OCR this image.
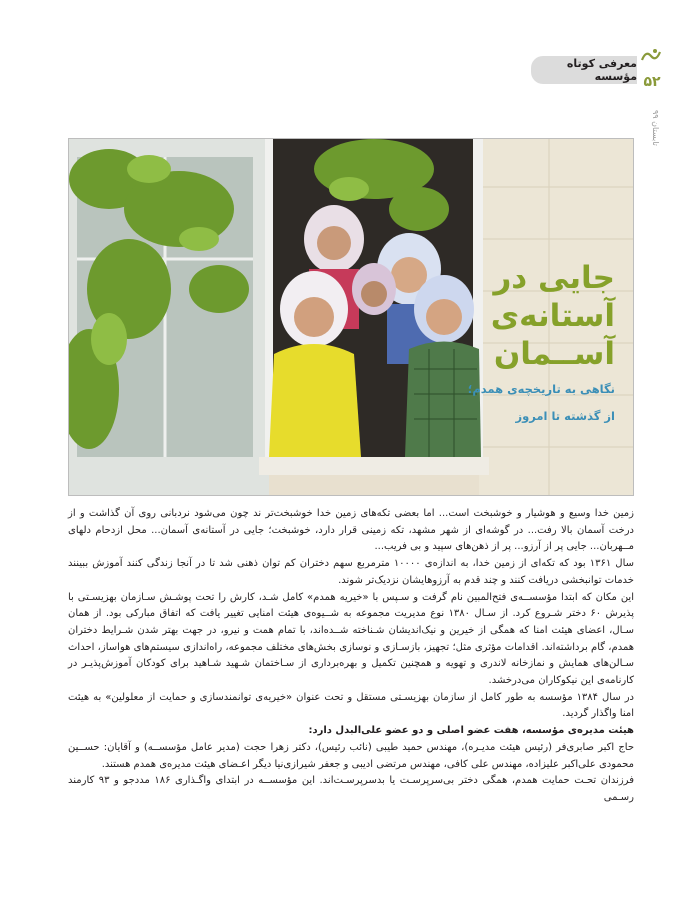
معرفی کوتاه مؤسسه ۵۲
تابستان ۹۹
جایی در
آستانه‌ی
آســمان
نگاهی به تاریخچه‌ی همدم؛
از گذشته تا امروز

زمین خدا وسیع و هوشیار و خوشبخت است... اما بعضی تکه‌های زمین خدا خوشبخت‌تر ند چون می‌شود نردبانی روی آن گذاشت و از درخت آسمان بالا رفت... در گوشه‌ای از شهر مشهد، تکه زمینی قرار دارد، خوشبخت؛ جایی در آستانه‌ی آسمان... محل ازدحام دلهای مــهربان... جایی پر از آرزو... پر از ذهن‌های سپید و بی فریب...

سال ۱۳۶۱ بود که تکه‌ای از زمین خدا، به اندازه‌ی ۱۰۰۰۰ مترمربع سهم دختران کم توان ذهنی شد تا در آنجا زندگی کنند آموزش ببینند خدمات توانبخشی دریافت کنند و چند قدم به آرزوهایشان نزدیک‌تر شوند.

این مکان که ابتدا مؤسســه‌ی فتح‌المبین نام گرفت و سـپس با «خیریه همدم» کامل شـد، کارش را تحت پوشـش سـازمان بهزیسـتی با پذیرش ۶۰ دختر شـروع کرد. از سـال ۱۳۸۰ نوع مدیریت مجموعه به شــیوه‌ی هیئت امنایی تغییر یافت که اتفاق مبارکی بود. از همان سـال، اعضای هیئت امنا که همگی از خیرین و نیک‌اندیشان شـناخته شــده‌اند، با تمام همت و نیرو، در جهت بهتر شدن شـرایط دختران همدم، گام برداشته‌اند. اقدامات مؤثری مثل؛ تجهیز، بازسـازی و نوسازی بخش‌های مختلف مجموعه، راه‌اندازی سیستم‌های هواساز، احداث سـالن‌های همایش و نمازخانه لاندری و تهویه و همچنین تکمیل و بهره‌برداری از سـاختمان شـهید شـاهید برای کودکان آموزش‌پذیـر در کارنامه‌ی این نیکوکاران می‌درخشد.

در سال ۱۳۸۴ مؤسسه به طور کامل از سازمان بهزیسـتی مستقل و تحت عنوان «خیریه‌ی توانمندسازی و حمایت از معلولین» به هیئت امنا واگذار گردید.

هیئت مدیره‌ی مؤسسه، هفت عضو اصلی و دو عضو علی‌البدل دارد:

حاج اکبر صابری‌فر (رئیس هیئت مدیـره)، مهندس حمید طیبی (نائب رئیس)، دکتر زهرا حجت (مدیر عامل مؤسســه) و آقایان: حســین محمودی علی‌اکبر علیزاده، مهندس علی کافی، مهندس مرتضی ادیبی و جعفر شیرازی‌نیا دیگر اعـضای هیئت مدیره‌ی همدم هستند.

فرزندان تحـت حمایت همدم، همگی دختر بی‌سرپرسـت یا بدسرپرسـت‌اند. این مؤسســه در ابتدای واگـذاری ۱۸۶ مددجو و ۹۳ کارمند رسـمی
